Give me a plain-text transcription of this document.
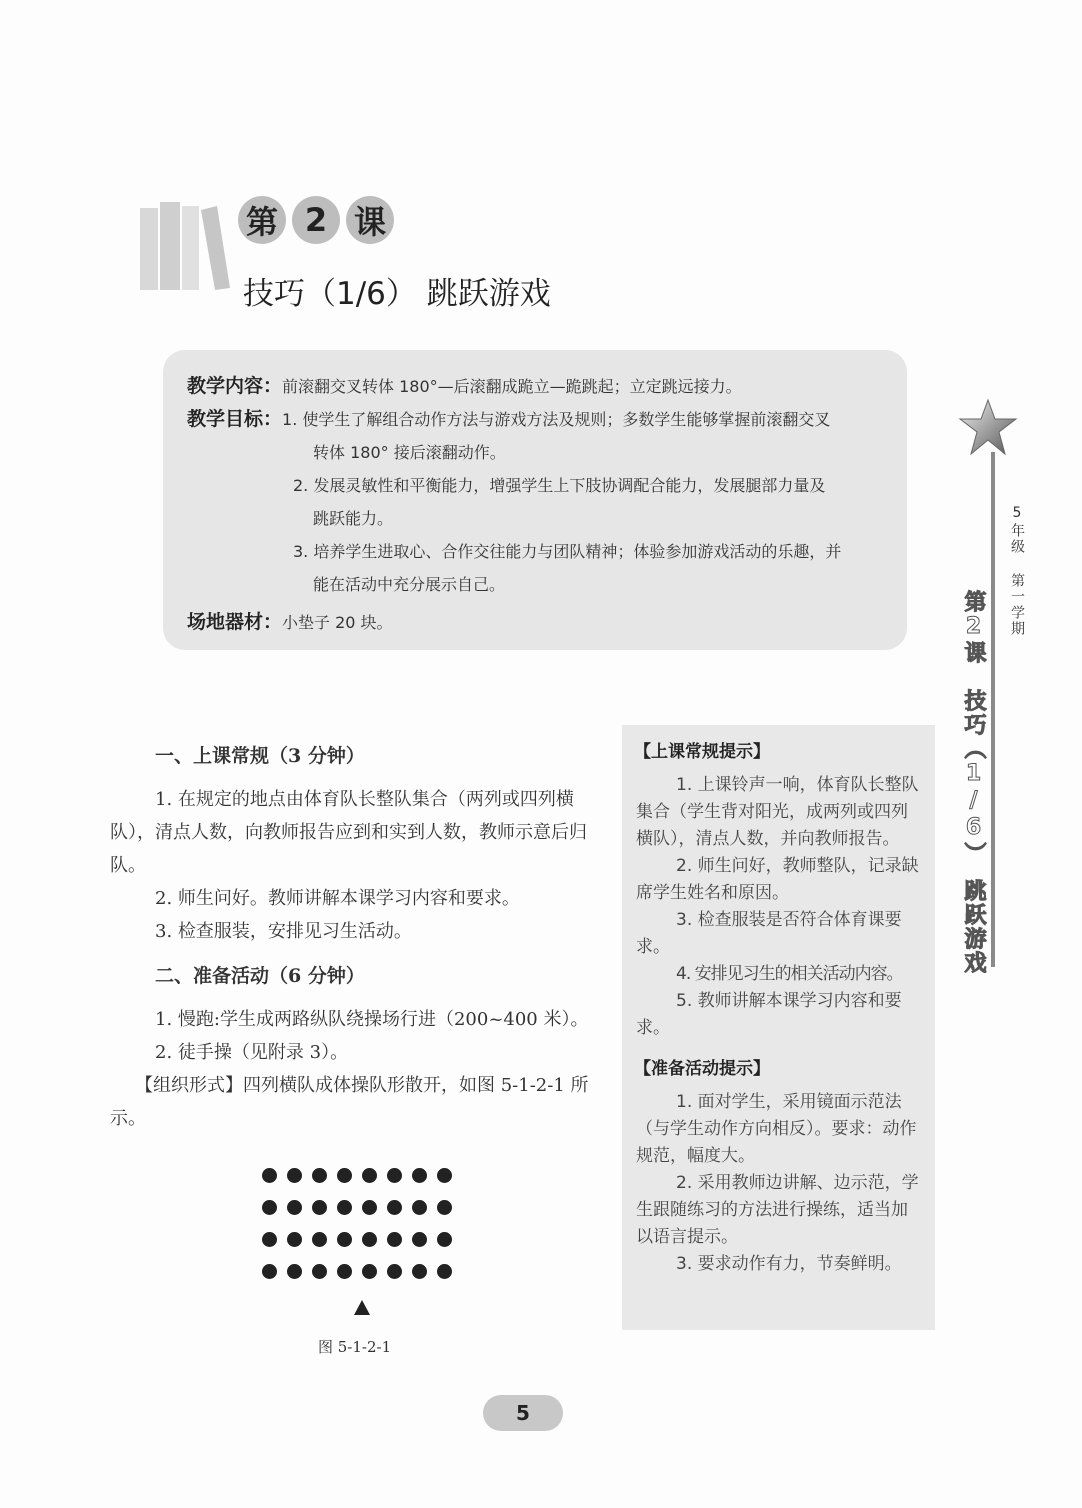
第 2 课
技巧（1/6） 跳跃游戏
教学内容： 前滚翻交叉转体 180°—后滚翻成跪立—跪跳起；立定跳远接力。
教学目标： 1. 使学生了解组合动作方法与游戏方法及规则；多数学生能够掌握前滚翻交叉
转体 180° 接后滚翻动作。
2. 发展灵敏性和平衡能力，增强学生上下肢协调配合能力，发展腿部力量及
跳跃能力。
3. 培养学生进取心、合作交往能力与团队精神；体验参加游戏活动的乐趣，并
能在活动中充分展示自己。
场地器材： 小垫子 20 块。

一、上课常规（3 分钟）

1. 在规定的地点由体育队长整队集合（两列或四列横队），清点人数，向教师报告应到和实到人数，教师示意后归队。

2. 师生问好。教师讲解本课学习内容和要求。

3. 检查服装，安排见习生活动。

二、准备活动（6 分钟）

1. 慢跑:学生成两路纵队绕操场行进（200~400 米）。

2. 徒手操（见附录 3）。

【组织形式】四列横队成体操队形散开，如图 5-1-2-1 所示。

图 5-1-2-1
【上课常规提示】

1. 上课铃声一响，体育队长整队集合（学生背对阳光，成两列或四列横队），清点人数，并向教师报告。

2. 师生问好，教师整队，记录缺席学生姓名和原因。

3. 检查服装是否符合体育课要求。

4. 安排见习生的相关活动内容。

5. 教师讲解本课学习内容和要求。

【准备活动提示】

1. 面对学生，采用镜面示范法（与学生动作方向相反）。要求：动作规范，幅度大。

2. 采用教师边讲解、边示范，学生跟随练习的方法进行操练，适当加以语言提示。

3. 要求动作有力，节奏鲜明。

5年级 第一学期
第2课　技巧（1/6）　跳跃游戏
5
